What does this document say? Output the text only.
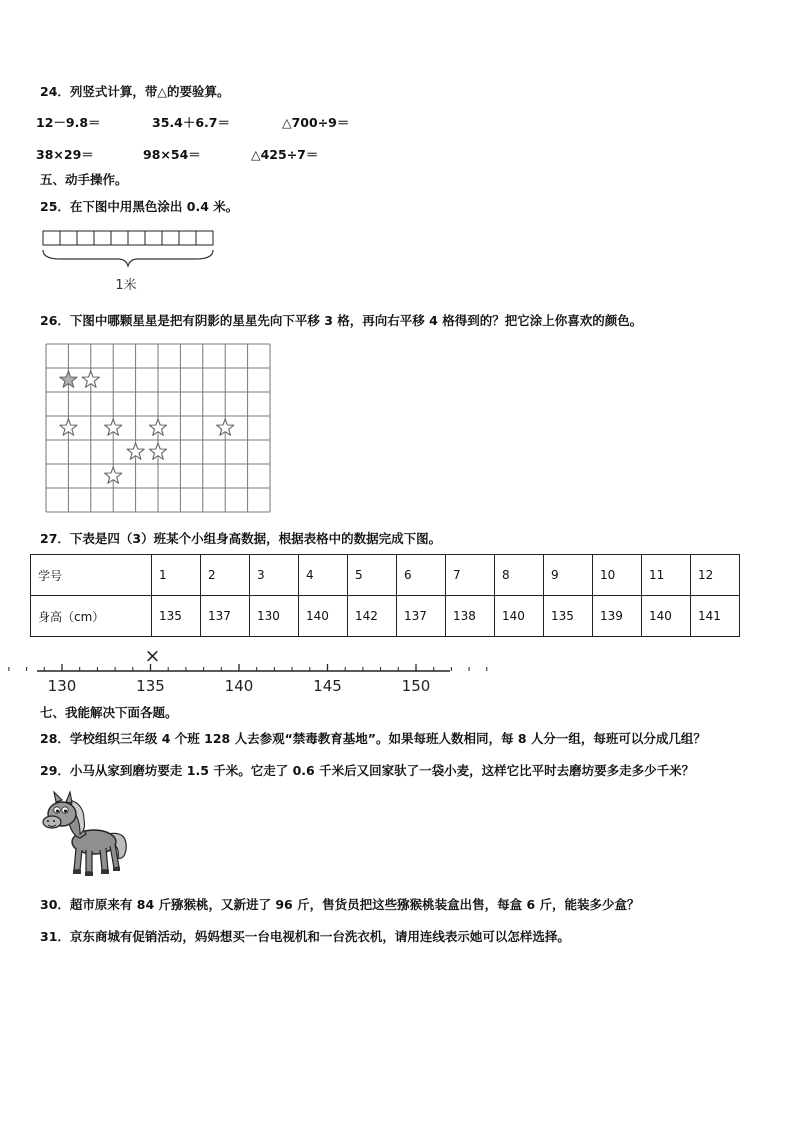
24．列竖式计算，带△的要验算。
12－9.8＝	35.4＋6.7＝	△700÷9＝
38×29＝	98×54＝	△425÷7＝
五、动手操作。
25．在下图中用黑色涂出 0.4 米。
1米
26．下图中哪颗星星是把有阴影的星星先向下平移 3 格，再向右平移 4 格得到的？把它涂上你喜欢的颜色。
27．下表是四（3）班某个小组身高数据，根据表格中的数据完成下图。
学号	1	2	3	4	5	6	7	8	9	10	11	12
身高（cm）	135	137	130	140	142	137	138	140	135	139	140	141
130	135	140	145	150
×
七、我能解决下面各题。
28．学校组织三年级 4 个班 128 人去参观“禁毒教育基地”。如果每班人数相同，每 8 人分一组，每班可以分成几组？
29．小马从家到磨坊要走 1.5 千米。它走了 0.6 千米后又回家驮了一袋小麦，这样它比平时去磨坊要多走多少千米？
30．超市原来有 84 斤猕猴桃，又新进了 96 斤，售货员把这些猕猴桃装盒出售，每盒 6 斤，能装多少盒？
31．京东商城有促销活动，妈妈想买一台电视机和一台洗衣机，请用连线表示她可以怎样选择。
